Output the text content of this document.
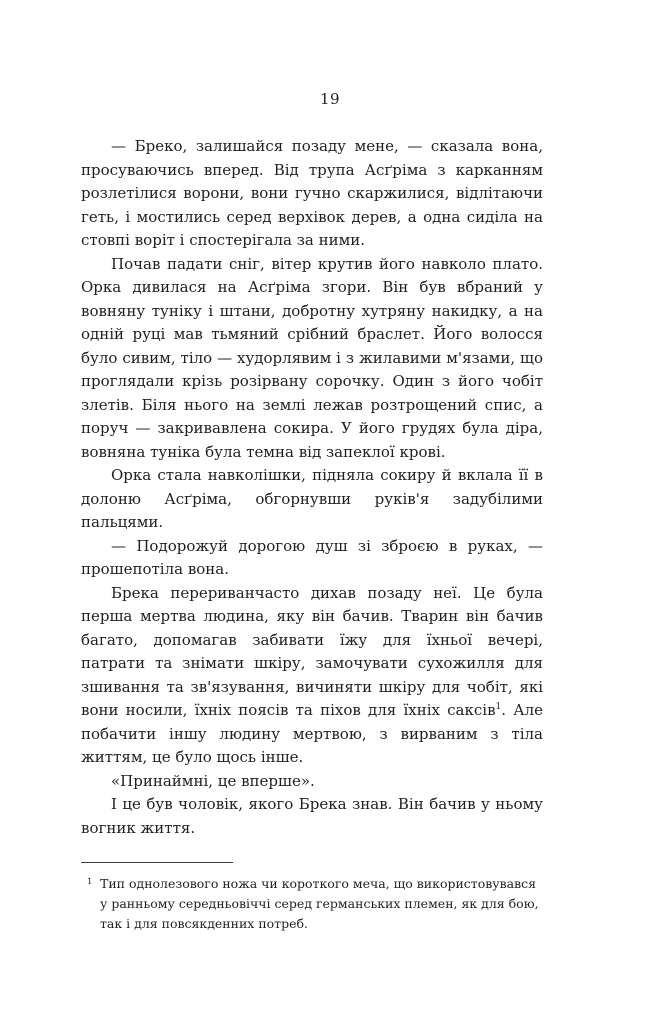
19

— Бреко, залишайся позаду мене, — сказала вона, просуваючись вперед. Від трупа Асґріма з карканням розлетілися ворони, вони гучно скаржилися, відлітаючи геть, і мостились серед верхівок дерев, а одна сиділа на стовпі воріт і спостерігала за ними.

Почав падати сніг, вітер крутив його навколо плато. Орка дивилася на Асґріма згори. Він був вбраний у вовняну туніку і штани, добротну хутряну накидку, а на одній руці мав тьмяний срібний браслет. Його волосся було сивим, тіло — худорлявим і з жилавими м'язами, що проглядали крізь розірвану сорочку. Один з його чобіт злетів. Біля нього на землі лежав розтрощений спис, а поруч — закривавлена сокира. У його грудях була діра, вовняна туніка була темна від запеклої крові.

Орка стала навколішки, підняла сокиру й вклала її в долоню Асґріма, обгорнувши руків'я задубілими пальцями.

— Подорожуй дорогою душ зі зброєю в руках, — прошепотіла вона.

Брека перериванчасто дихав позаду неї. Це була перша мертва людина, яку він бачив. Тварин він бачив багато, допомагав забивати їжу для їхньої вечері, патрати та знімати шкіру, замочувати сухожилля для зшивання та зв'язування, вичиняти шкіру для чобіт, які вони носили, їхніх поясів та піхов для їхніх саксів$^1$. Але побачити іншу людину мертвою, з вирваним з тіла життям, це було щось інше.

«Принаймні, це вперше».

І це був чоловік, якого Брека знав. Він бачив у ньому вогник життя.

1 Тип однолезового ножа чи короткого меча, що використовувався у ранньому середньовіччі серед германських племен, як для бою, так і для повсякденних потреб.
